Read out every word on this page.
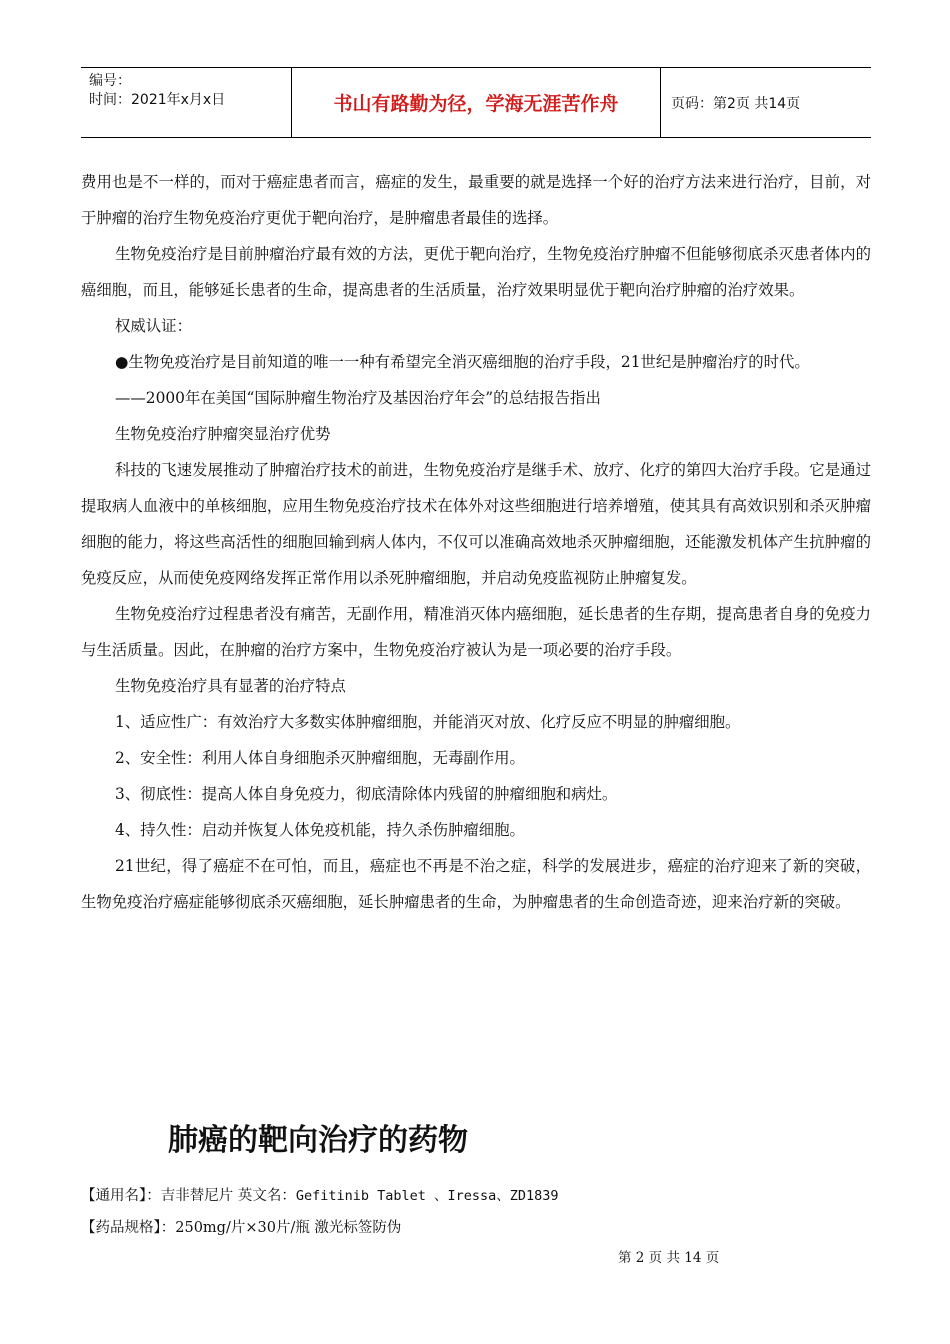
编号：
时间：2021年x月x日	书山有路勤为径，学海无涯苦作舟	页码：第2页 共14页

费用也是不一样的，而对于癌症患者而言，癌症的发生，最重要的就是选择一个好的治疗方法来进行治疗，目前，对于肿瘤的治疗生物免疫治疗更优于靶向治疗，是肿瘤患者最佳的选择。

生物免疫治疗是目前肿瘤治疗最有效的方法，更优于靶向治疗，生物免疫治疗肿瘤不但能够彻底杀灭患者体内的癌细胞，而且，能够延长患者的生命，提高患者的生活质量，治疗效果明显优于靶向治疗肿瘤的治疗效果。

权威认证：

●生物免疫治疗是目前知道的唯一一种有希望完全消灭癌细胞的治疗手段，21世纪是肿瘤治疗的时代。

——2000年在美国“国际肿瘤生物治疗及基因治疗年会”的总结报告指出

生物免疫治疗肿瘤突显治疗优势

科技的飞速发展推动了肿瘤治疗技术的前进，生物免疫治疗是继手术、放疗、化疗的第四大治疗手段。它是通过提取病人血液中的单核细胞，应用生物免疫治疗技术在体外对这些细胞进行培养增殖，使其具有高效识别和杀灭肿瘤细胞的能力，将这些高活性的细胞回输到病人体内，不仅可以准确高效地杀灭肿瘤细胞，还能激发机体产生抗肿瘤的免疫反应，从而使免疫网络发挥正常作用以杀死肿瘤细胞，并启动免疫监视防止肿瘤复发。

生物免疫治疗过程患者没有痛苦，无副作用，精准消灭体内癌细胞，延长患者的生存期，提高患者自身的免疫力与生活质量。因此，在肿瘤的治疗方案中，生物免疫治疗被认为是一项必要的治疗手段。

生物免疫治疗具有显著的治疗特点

1、适应性广：有效治疗大多数实体肿瘤细胞，并能消灭对放、化疗反应不明显的肿瘤细胞。

2、安全性：利用人体自身细胞杀灭肿瘤细胞，无毒副作用。

3、彻底性：提高人体自身免疫力，彻底清除体内残留的肿瘤细胞和病灶。

4、持久性：启动并恢复人体免疫机能，持久杀伤肿瘤细胞。

21世纪，得了癌症不在可怕，而且，癌症也不再是不治之症，科学的发展进步，癌症的治疗迎来了新的突破，生物免疫治疗癌症能够彻底杀灭癌细胞，延长肿瘤患者的生命，为肿瘤患者的生命创造奇迹，迎来治疗新的突破。

肺癌的靶向治疗的药物
【通用名】：吉非替尼片 英文名：Gefitinib Tablet 、Iressa、ZD1839
【药品规格】：250mg/片×30片/瓶 激光标签防伪
第 2 页 共 14 页
